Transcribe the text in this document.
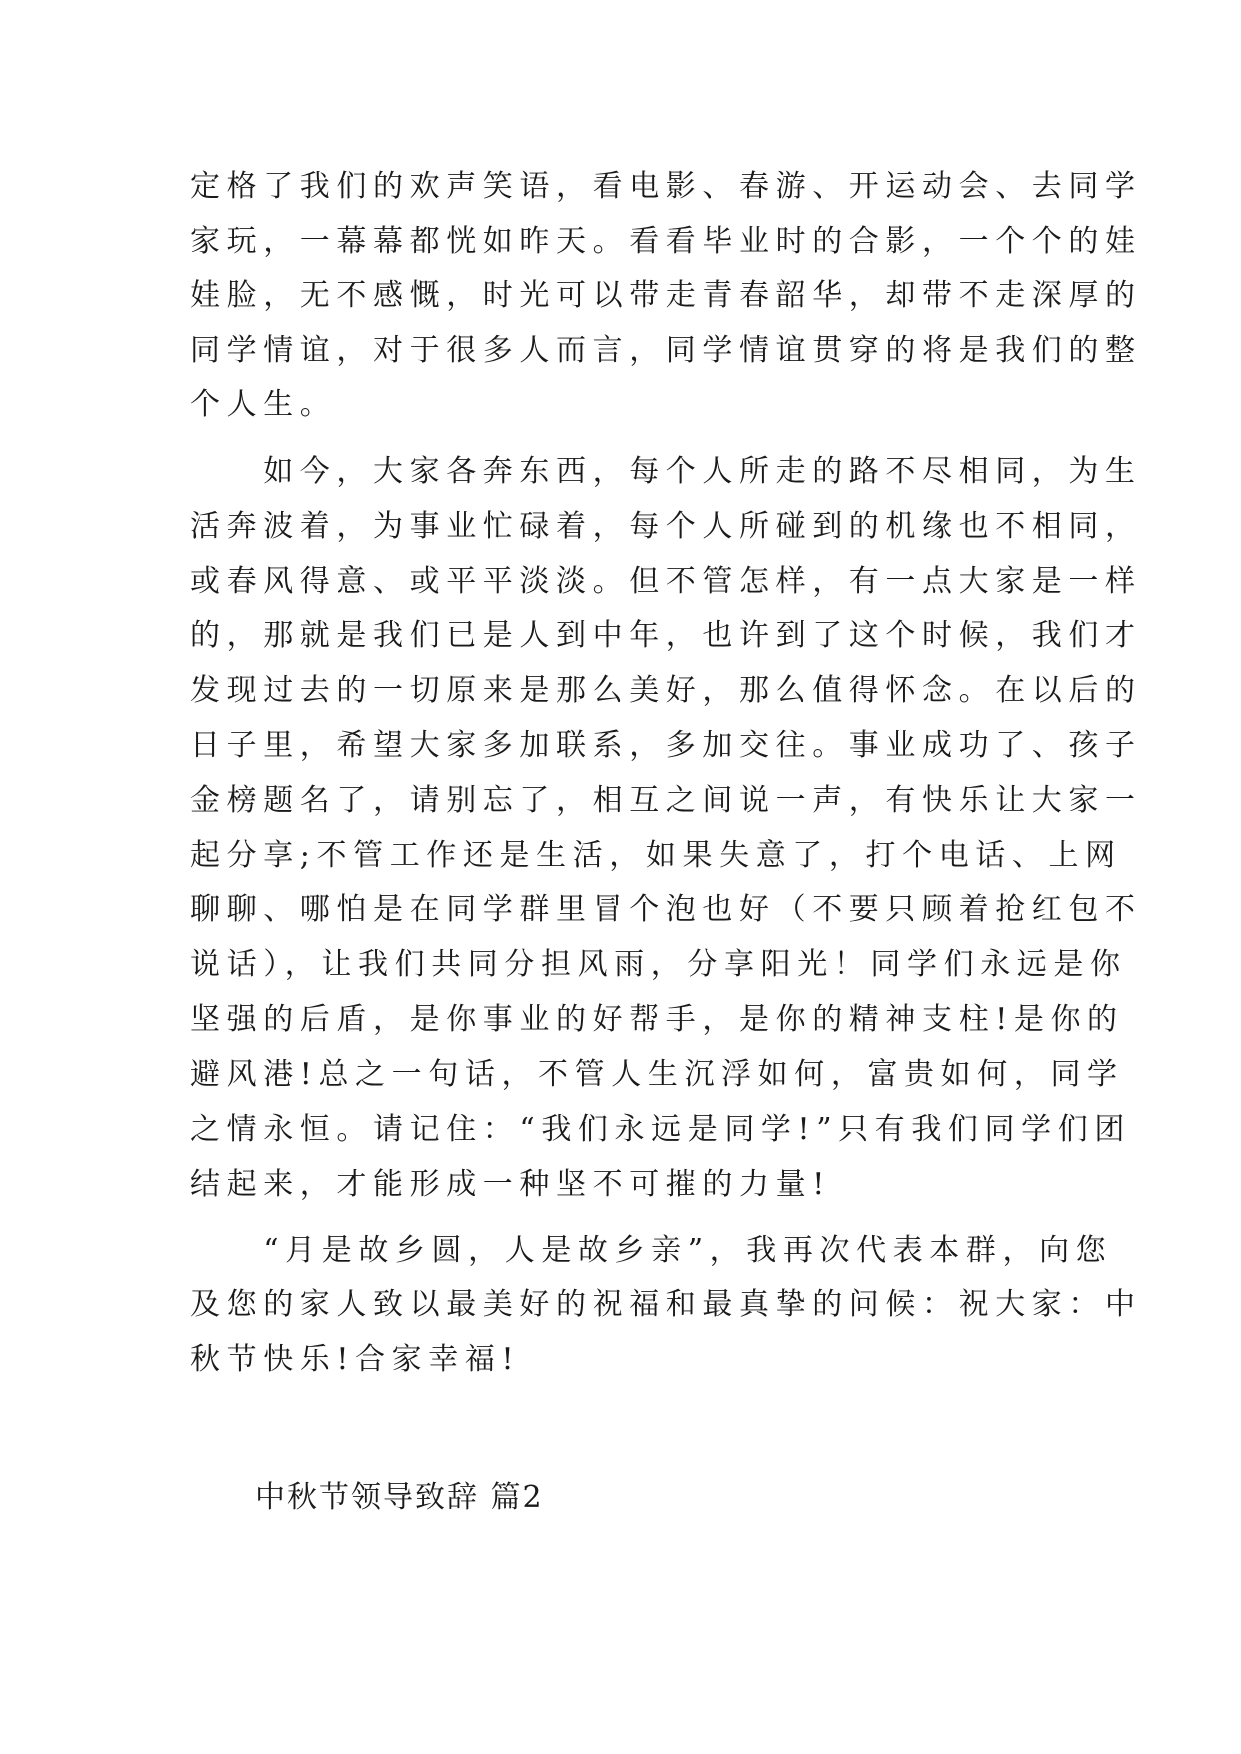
定格了我们的欢声笑语，看电影、春游、开运动会、去同学
家玩，一幕幕都恍如昨天。看看毕业时的合影，一个个的娃
娃脸，无不感慨，时光可以带走青春韶华，却带不走深厚的
同学情谊，对于很多人而言，同学情谊贯穿的将是我们的整
个人生。
　　如今，大家各奔东西，每个人所走的路不尽相同，为生
活奔波着，为事业忙碌着，每个人所碰到的机缘也不相同，
或春风得意、或平平淡淡。但不管怎样，有一点大家是一样
的，那就是我们已是人到中年，也许到了这个时候，我们才
发现过去的一切原来是那么美好，那么值得怀念。在以后的
日子里，希望大家多加联系，多加交往。事业成功了、孩子
金榜题名了，请别忘了，相互之间说一声，有快乐让大家一
起分享;不管工作还是生活，如果失意了，打个电话、上网
聊聊、哪怕是在同学群里冒个泡也好（不要只顾着抢红包不
说话），让我们共同分担风雨，分享阳光！同学们永远是你
坚强的后盾，是你事业的好帮手，是你的精神支柱!是你的
避风港!总之一句话，不管人生沉浮如何，富贵如何，同学
之情永恒。请记住：“我们永远是同学!”只有我们同学们团
结起来，才能形成一种坚不可摧的力量!
　　“月是故乡圆，人是故乡亲”，我再次代表本群，向您
及您的家人致以最美好的祝福和最真挚的问候：祝大家：中
秋节快乐!合家幸福!
中秋节领导致辞 篇2
